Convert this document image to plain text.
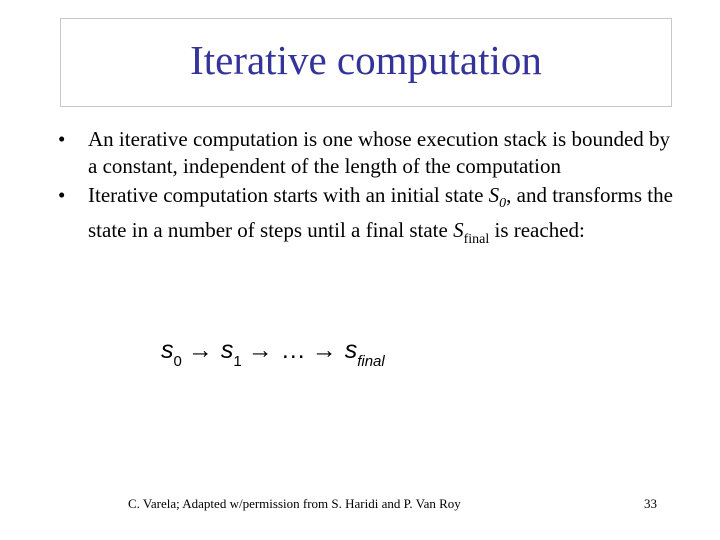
Iterative computation
• An iterative computation is one whose execution stack is bounded by a constant, independent of the length of the computation
• Iterative computation starts with an initial state $S_0$, and transforms the state in a number of steps until a final state $S_{final}$ is reached:
$s_0 \to s_1$ → … → $s_{final}$
C. Varela; Adapted w/permission from S. Haridi and P. Van Roy	33
